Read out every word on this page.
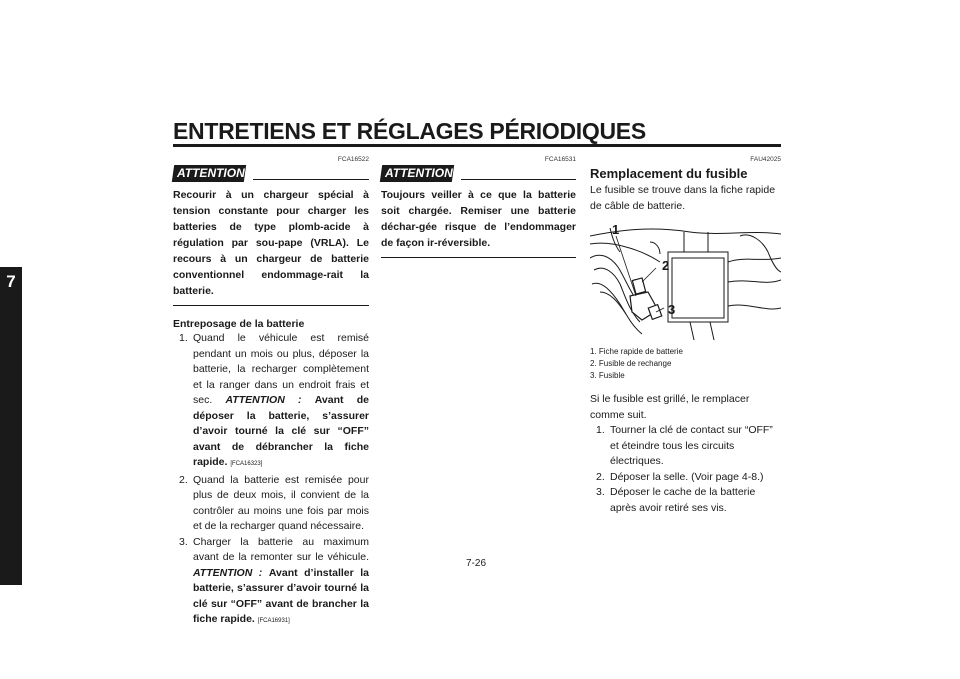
ENTRETIENS ET RÉGLAGES PÉRIODIQUES
7
FCA16522
ATTENTION
Recourir à un chargeur spécial à tension constante pour charger les batteries de type plomb-acide à régulation par sou-pape (VRLA). Le recours à un chargeur de batterie conventionnel endommage-rait la batterie.
Entreposage de la batterie
1. Quand le véhicule est remisé pendant un mois ou plus, déposer la batterie, la recharger complètement et la ranger dans un endroit frais et sec. ATTENTION : Avant de déposer la batterie, s’assurer d’avoir tourné la clé sur “OFF” avant de débrancher la fiche rapide. [FCA16323]
2. Quand la batterie est remisée pour plus de deux mois, il convient de la contrôler au moins une fois par mois et de la recharger quand nécessaire.
3. Charger la batterie au maximum avant de la remonter sur le véhicule. ATTENTION : Avant d’installer la batterie, s’assurer d’avoir tourné la clé sur “OFF” avant de brancher la fiche rapide. [FCA16931]
FCA16531
ATTENTION
Toujours veiller à ce que la batterie soit chargée. Remiser une batterie déchar-gée risque de l’endommager de façon ir-réversible.
FAU42025
Remplacement du fusible
Le fusible se trouve dans la fiche rapide de câble de batterie.
1
2
3
1. Fiche rapide de batterie
2. Fusible de rechange
3. Fusible
Si le fusible est grillé, le remplacer comme suit.
1. Tourner la clé de contact sur “OFF” et éteindre tous les circuits électriques.
2. Déposer la selle. (Voir page 4-8.)
3. Déposer le cache de la batterie après avoir retiré ses vis.
7-26
